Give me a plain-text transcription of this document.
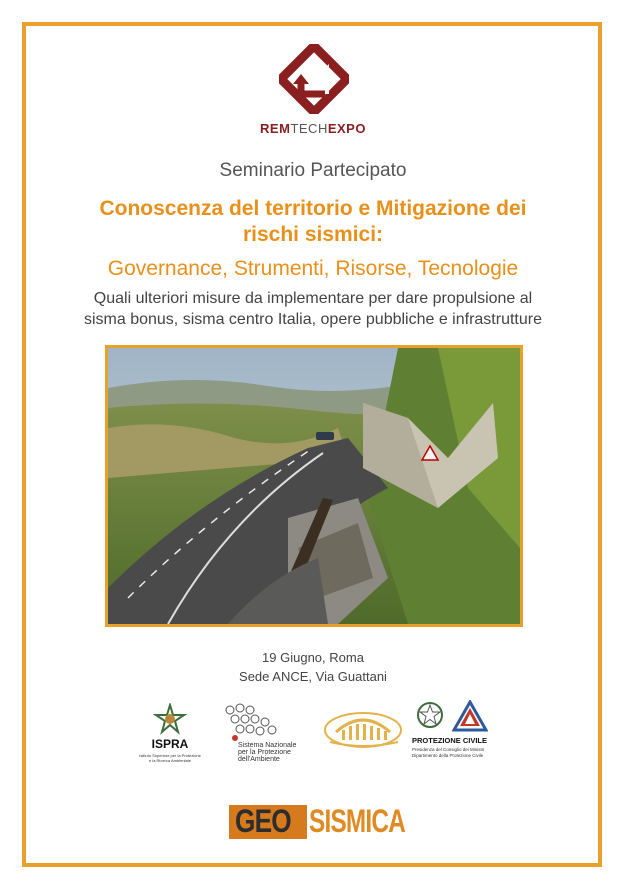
REMTECHEXPO
Seminario Partecipato
Conoscenza del territorio e Mitigazione dei
rischi sismici:
Governance, Strumenti, Risorse, Tecnologie
Quali ulteriori misure da implementare per dare propulsione al
sisma bonus, sisma centro Italia, opere pubbliche e infrastrutture
19 Giugno, Roma
Sede ANCE, Via Guattani
ISPRA
Istituto Superiore per la Protezione
e la Ricerca Ambientale
Sistema Nazionale
per la Protezione
dell'Ambiente
PROTEZIONE CIVILE
Presidenza del Consiglio dei Ministri
Dipartimento della Protezione Civile
GEO SISMICA
